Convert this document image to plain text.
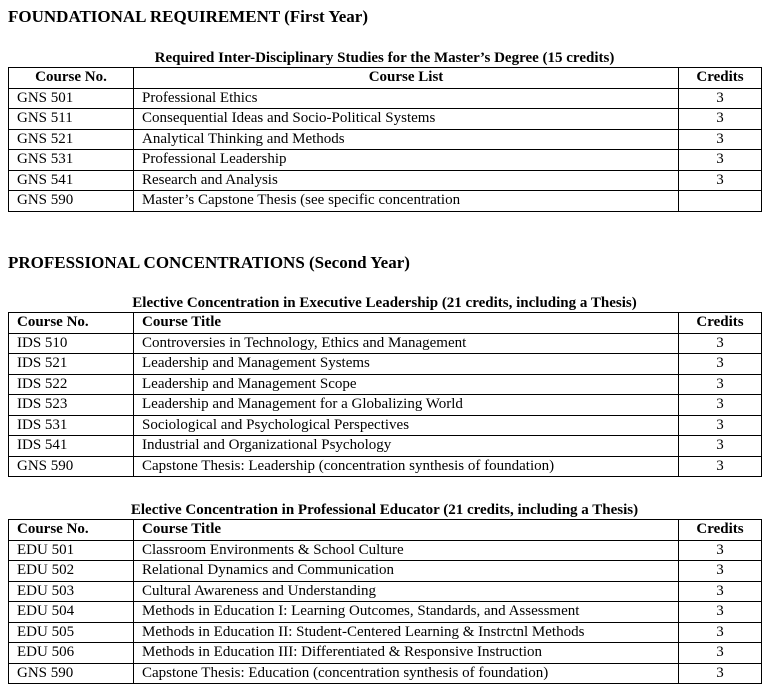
FOUNDATIONAL REQUIREMENT (First Year)
Required Inter-Disciplinary Studies for the Master’s Degree (15 credits)
Course No.	Course List	Credits
GNS 501	Professional Ethics	3
GNS 511	Consequential Ideas and Socio-Political Systems	3
GNS 521	Analytical Thinking and Methods	3
GNS 531	Professional Leadership	3
GNS 541	Research and Analysis	3
GNS 590	Master’s Capstone Thesis (see specific concentration	
PROFESSIONAL CONCENTRATIONS (Second Year)
Elective Concentration in Executive Leadership (21 credits, including a Thesis)
Course No.	Course Title	Credits
IDS 510	Controversies in Technology, Ethics and Management	3
IDS 521	Leadership and Management Systems	3
IDS 522	Leadership and Management Scope	3
IDS 523	Leadership and Management for a Globalizing World	3
IDS 531	Sociological and Psychological Perspectives	3
IDS 541	Industrial and Organizational Psychology	3
GNS 590	Capstone Thesis: Leadership (concentration synthesis of foundation)	3
Elective Concentration in Professional Educator (21 credits, including a Thesis)
Course No.	Course Title	Credits
EDU 501	Classroom Environments & School Culture	3
EDU 502	Relational Dynamics and Communication	3
EDU 503	Cultural Awareness and Understanding	3
EDU 504	Methods in Education I: Learning Outcomes, Standards, and Assessment	3
EDU 505	Methods in Education II: Student-Centered Learning & Instrctnl Methods	3
EDU 506	Methods in Education III: Differentiated & Responsive Instruction	3
GNS 590	Capstone Thesis: Education (concentration synthesis of foundation)	3
